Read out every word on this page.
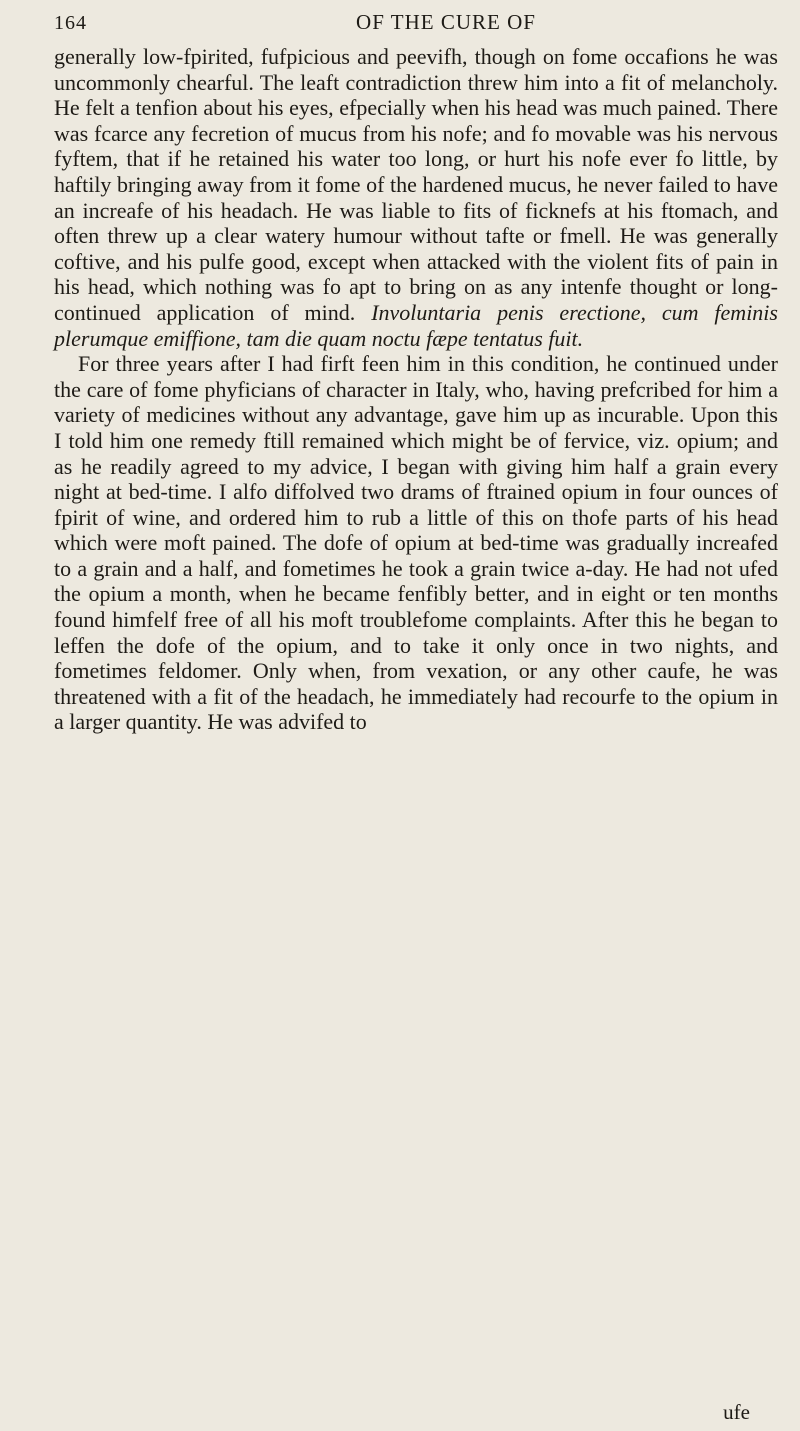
164	OF THE CURE OF
generally low-fpirited, fufpicious and peevifh, though on fome occafions he was uncommonly chearful. The leaft contradiction threw him into a fit of melancholy. He felt a tenfion about his eyes, efpecially when his head was much pained. There was fcarce any fecretion of mucus from his nofe; and fo movable was his nervous fyftem, that if he retained his water too long, or hurt his nofe ever fo little, by haftily bringing away from it fome of the hardened mucus, he never failed to have an increafe of his headach. He was liable to fits of ficknefs at his ftomach, and often threw up a clear watery humour without tafte or fmell. He was generally coftive, and his pulfe good, except when attacked with the violent fits of pain in his head, which nothing was fo apt to bring on as any intenfe thought or long-continued application of mind. Involuntaria penis erectione, cum feminis plerumque emiffione, tam die quam noctu fæpe tentatus fuit.
For three years after I had firft feen him in this condition, he continued under the care of fome phyficians of character in Italy, who, having prefcribed for him a variety of medicines without any advantage, gave him up as incurable. Upon this I told him one remedy ftill remained which might be of fervice, viz. opium; and as he readily agreed to my advice, I began with giving him half a grain every night at bed-time. I alfo diffolved two drams of ftrained opium in four ounces of fpirit of wine, and ordered him to rub a little of this on thofe parts of his head which were moft pained. The dofe of opium at bed-time was gradually increafed to a grain and a half, and fometimes he took a grain twice a-day. He had not ufed the opium a month, when he became fenfibly better, and in eight or ten months found himfelf free of all his moft troublefome complaints. After this he began to leffen the dofe of the opium, and to take it only once in two nights, and fometimes feldomer. Only when, from vexation, or any other caufe, he was threatened with a fit of the headach, he immediately had recourfe to the opium in a larger quantity. He was advifed to
ufe
